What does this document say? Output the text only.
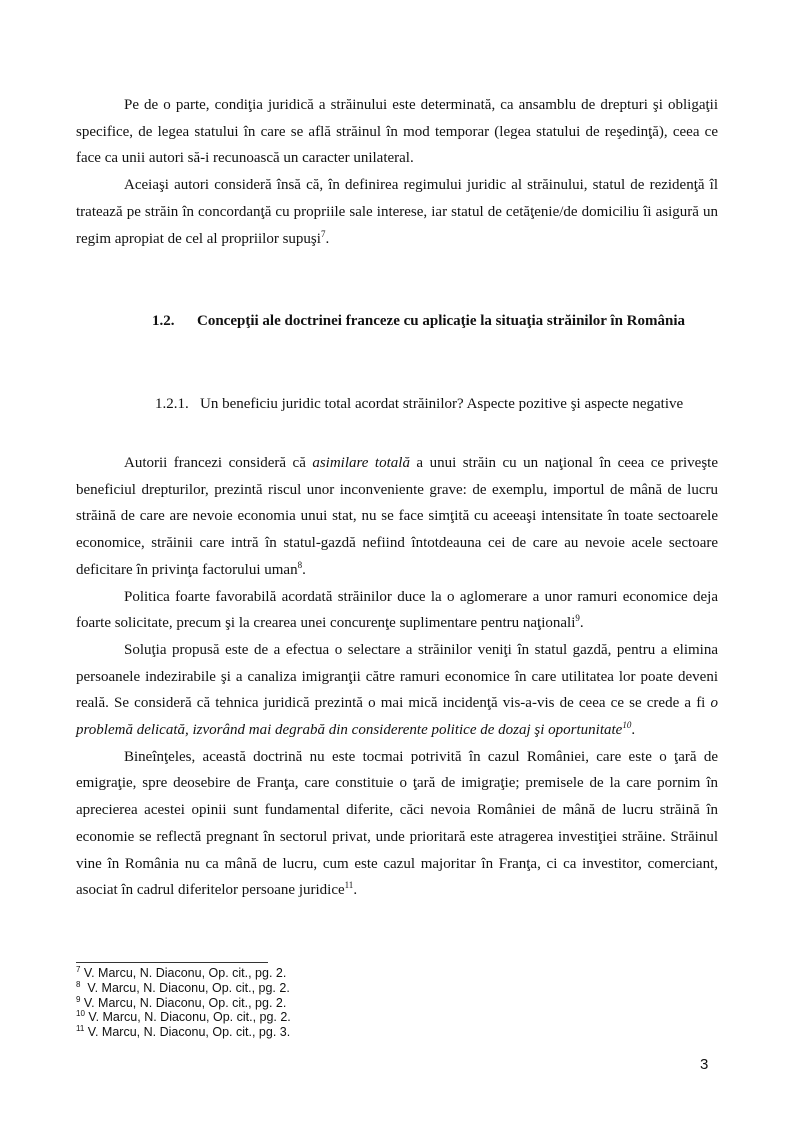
Pe de o parte, condiţia juridică a străinului este determinată, ca ansamblu de drepturi şi obligaţii specifice, de legea statului în care se află străinul în mod temporar (legea statului de reşedinţă), ceea ce face ca unii autori să-i recunoască un caracter unilateral.

Aceiaşi autori consideră însă că, în definirea regimului juridic al străinului, statul de rezidenţă îl tratează pe străin în concordanţă cu propriile sale interese, iar statul de cetăţenie/de domiciliu îi asigură un regim apropiat de cel al propriilor supuşi$^7$.

1.2. Concepţii ale doctrinei franceze cu aplicaţie la situaţia străinilor în România
1.2.1. Un beneficiu juridic total acordat străinilor? Aspecte pozitive şi aspecte negative

Autorii francezi consideră că asimilare totală a unui străin cu un naţional în ceea ce priveşte beneficiul drepturilor, prezintă riscul unor inconveniente grave: de exemplu, importul de mână de lucru străină de care are nevoie economia unui stat, nu se face simţită cu aceeaşi intensitate în toate sectoarele economice, străinii care intră în statul-gazdă nefiind întotdeauna cei de care au nevoie acele sectoare deficitare în privinţa factorului uman$^8$.

Politica foarte favorabilă acordată străinilor duce la o aglomerare a unor ramuri economice deja foarte solicitate, precum şi la crearea unei concurenţe suplimentare pentru naţionali$^9$.

Soluţia propusă este de a efectua o selectare a străinilor veniţi în statul gazdă, pentru a elimina persoanele indezirabile şi a canaliza imigranţii către ramuri economice în care utilitatea lor poate deveni reală. Se consideră că tehnica juridică prezintă o mai mică incidenţă vis-a-vis de ceea ce se crede a fi o problemă delicată, izvorând mai degrabă din considerente politice de dozaj şi oportunitate$^{10}$.

Bineînţeles, această doctrină nu este tocmai potrivită în cazul României, care este o ţară de emigraţie, spre deosebire de Franţa, care constituie o ţară de imigraţie; premisele de la care pornim în aprecierea acestei opinii sunt fundamental diferite, căci nevoia României de mână de lucru străină în economie se reflectă pregnant în sectorul privat, unde prioritară este atragerea investiţiei străine. Străinul vine în România nu ca mână de lucru, cum este cazul majoritar în Franţa, ci ca investitor, comerciant, asociat în cadrul diferitelor persoane juridice$^{11}$.

$^7$ V. Marcu, N. Diaconu, Op. cit., pg. 2.
$^8$  V. Marcu, N. Diaconu, Op. cit., pg. 2.
$^9$ V. Marcu, N. Diaconu, Op. cit., pg. 2.
$^{10}$ V. Marcu, N. Diaconu, Op. cit., pg. 2.
$^{11}$ V. Marcu, N. Diaconu, Op. cit., pg. 3.
3
